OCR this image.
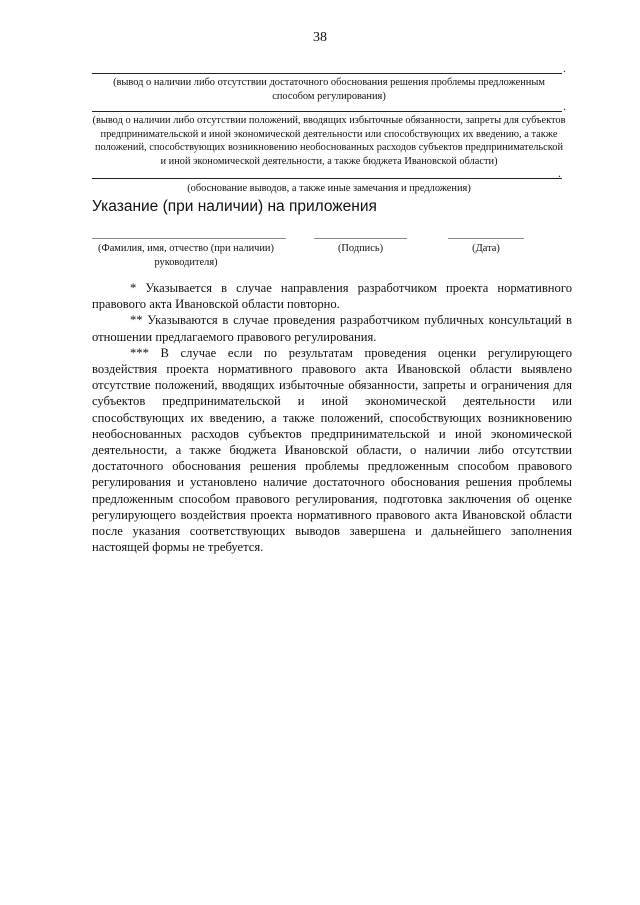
38
.
(вывод о наличии либо отсутствии достаточного обоснования решения проблемы предложенным способом регулирования)
.
(вывод о наличии либо отсутствии положений, вводящих избыточные обязанности, запреты для субъектов предпринимательской и иной экономической деятельности или способствующих их введению, а также положений, способствующих возникновению необоснованных расходов субъектов предпринимательской и иной экономической деятельности, а также бюджета Ивановской области)
.
(обоснование выводов, а также иные замечания и предложения)
Указание (при наличии) на приложения
(Фамилия, имя, отчество (при наличии)
руководителя)
(Подпись)	(Дата)

* Указывается в случае направления разработчиком проекта нормативного правового акта Ивановской области повторно.

** Указываются в случае проведения разработчиком публичных консультаций в отношении предлагаемого правового регулирования.

*** В случае если по результатам проведения оценки регулирующего воздействия проекта нормативного правового акта Ивановской области выявлено отсутствие положений, вводящих избыточные обязанности, запреты и ограничения для субъектов предпринимательской и иной экономической деятельности или способствующих их введению, а также положений, способствующих возникновению необоснованных расходов субъектов предпринимательской и иной экономической деятельности, а также бюджета Ивановской области, о наличии либо отсутствии достаточного обоснования решения проблемы предложенным способом правового регулирования и установлено наличие достаточного обоснования решения проблемы предложенным способом правового регулирования, подготовка заключения об оценке регулирующего воздействия проекта нормативного правового акта Ивановской области после указания соответствующих выводов завершена и дальнейшего заполнения настоящей формы не требуется.
